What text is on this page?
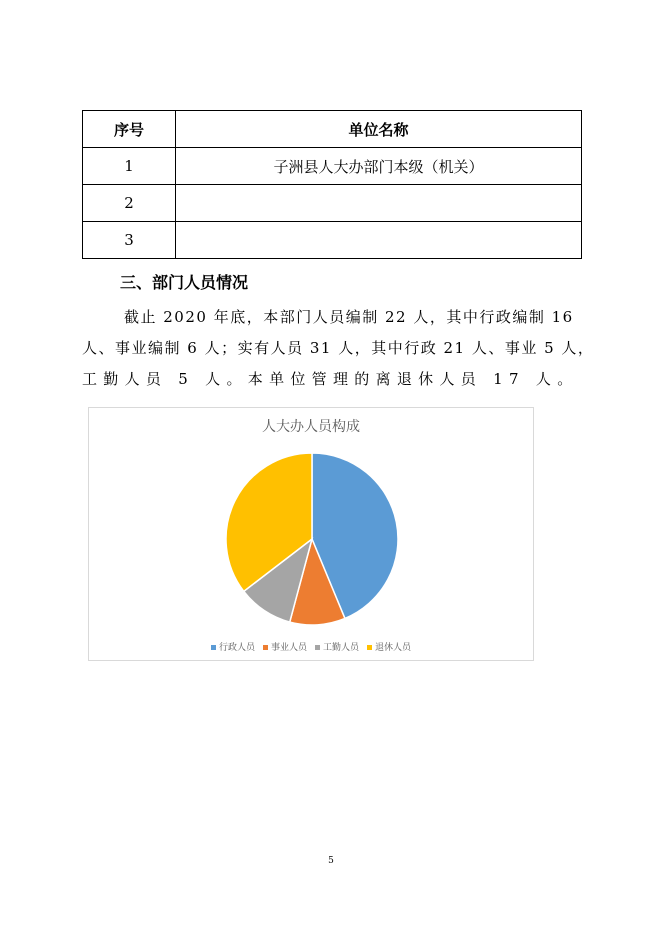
序号	单位名称
1	子洲县人大办部门本级（机关）
2	
3	
三、部门人员情况

截止 2020 年底，本部门人员编制 22 人，其中行政编制 16
人、事业编制 6 人；实有人员 31 人，其中行政 21 人、事业 5 人，
工勤人员 5 人。本单位管理的离退休人员 17 人。

人大办人员构成
行政人员 事业人员 工勤人员 退休人员
5
